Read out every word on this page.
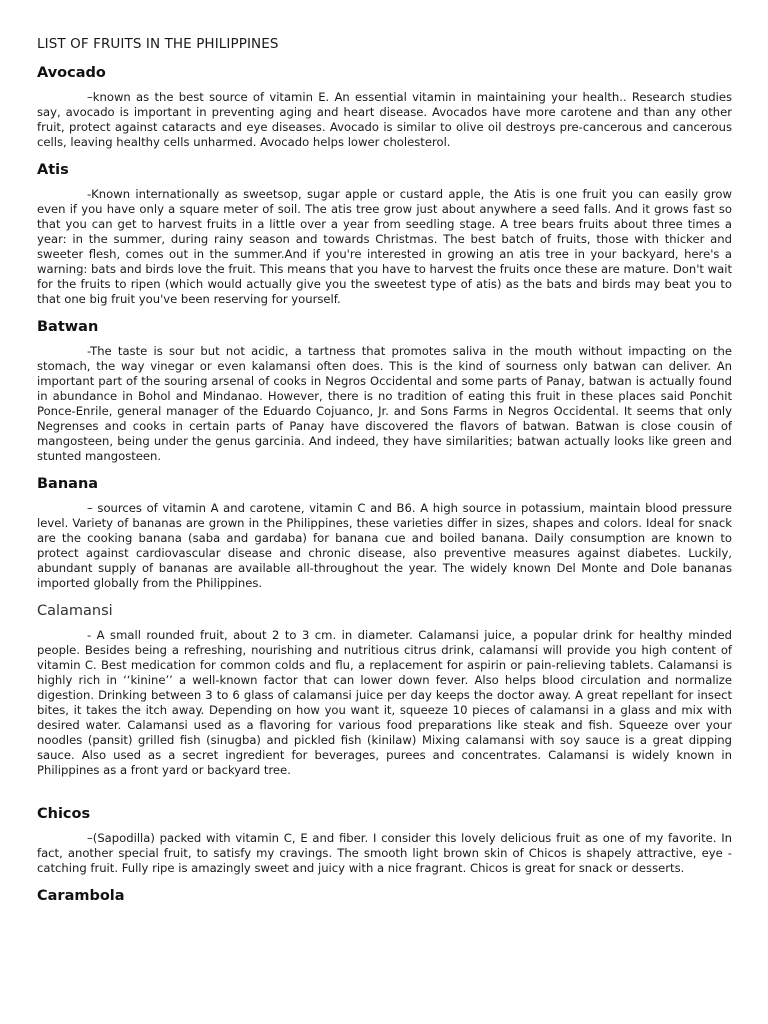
LIST OF FRUITS IN THE PHILIPPINES
Avocado

–known as the best source of vitamin E. An essential vitamin in maintaining your health.. Research studies say, avocado is important in preventing aging and heart disease. Avocados have more carotene and than any other fruit, protect against cataracts and eye diseases. Avocado is similar to olive oil destroys pre-cancerous and cancerous cells, leaving healthy cells unharmed. Avocado helps lower cholesterol.

Atis

-Known internationally as sweetsop, sugar apple or custard apple, the Atis is one fruit you can easily grow even if you have only a square meter of soil. The atis tree grow just about anywhere a seed falls. And it grows fast so that you can get to harvest fruits in a little over a year from seedling stage. A tree bears fruits about three times a year: in the summer, during rainy season and towards Christmas. The best batch of fruits, those with thicker and sweeter flesh, comes out in the summer.And if you're interested in growing an atis tree in your backyard, here's a warning: bats and birds love the fruit. This means that you have to harvest the fruits once these are mature. Don't wait for the fruits to ripen (which would actually give you the sweetest type of atis) as the bats and birds may beat you to that one big fruit you've been reserving for yourself.

Batwan

-The taste is sour but not acidic, a tartness that promotes saliva in the mouth without impacting on the stomach, the way vinegar or even kalamansi often does. This is the kind of sourness only batwan can deliver. An important part of the souring arsenal of cooks in Negros Occidental and some parts of Panay, batwan is actually found in abundance in Bohol and Mindanao. However, there is no tradition of eating this fruit in these places said Ponchit Ponce-Enrile, general manager of the Eduardo Cojuanco, Jr. and Sons Farms in Negros Occidental. It seems that only Negrenses and cooks in certain parts of Panay have discovered the flavors of batwan. Batwan is close cousin of mangosteen, being under the genus garcinia. And indeed, they have similarities; batwan actually looks like green and stunted mangosteen.

Banana

– sources of vitamin A and carotene, vitamin C and B6. A high source in potassium, maintain blood pressure level. Variety of bananas are grown in the Philippines, these varieties differ in sizes, shapes and colors. Ideal for snack are the cooking banana (saba and gardaba) for banana cue and boiled banana. Daily consumption are known to protect against cardiovascular disease and chronic disease, also preventive measures against diabetes. Luckily, abundant supply of bananas are available all-throughout the year. The widely known Del Monte and Dole bananas imported globally from the Philippines.

Calamansi

- A small rounded fruit, about 2 to 3 cm. in diameter. Calamansi juice, a popular drink for healthy minded people. Besides being a refreshing, nourishing and nutritious citrus drink, calamansi will provide you high content of vitamin C. Best medication for common colds and flu, a replacement for aspirin or pain-relieving tablets. Calamansi is highly rich in ‘‘kinine’’ a well-known factor that can lower down fever. Also helps blood circulation and normalize digestion. Drinking between 3 to 6 glass of calamansi juice per day keeps the doctor away. A great repellant for insect bites, it takes the itch away. Depending on how you want it, squeeze 10 pieces of calamansi in a glass and mix with desired water. Calamansi used as a flavoring for various food preparations like steak and fish. Squeeze over your noodles (pansit) grilled fish (sinugba) and pickled fish (kinilaw) Mixing calamansi with soy sauce is a great dipping sauce. Also used as a secret ingredient for beverages, purees and concentrates. Calamansi is widely known in Philippines as a front yard or backyard tree.

Chicos

–(Sapodilla) packed with vitamin C, E and fiber. I consider this lovely delicious fruit as one of my favorite. In fact, another special fruit, to satisfy my cravings. The smooth light brown skin of Chicos is shapely attractive, eye -catching fruit. Fully ripe is amazingly sweet and juicy with a nice fragrant. Chicos is great for snack or desserts.

Carambola
